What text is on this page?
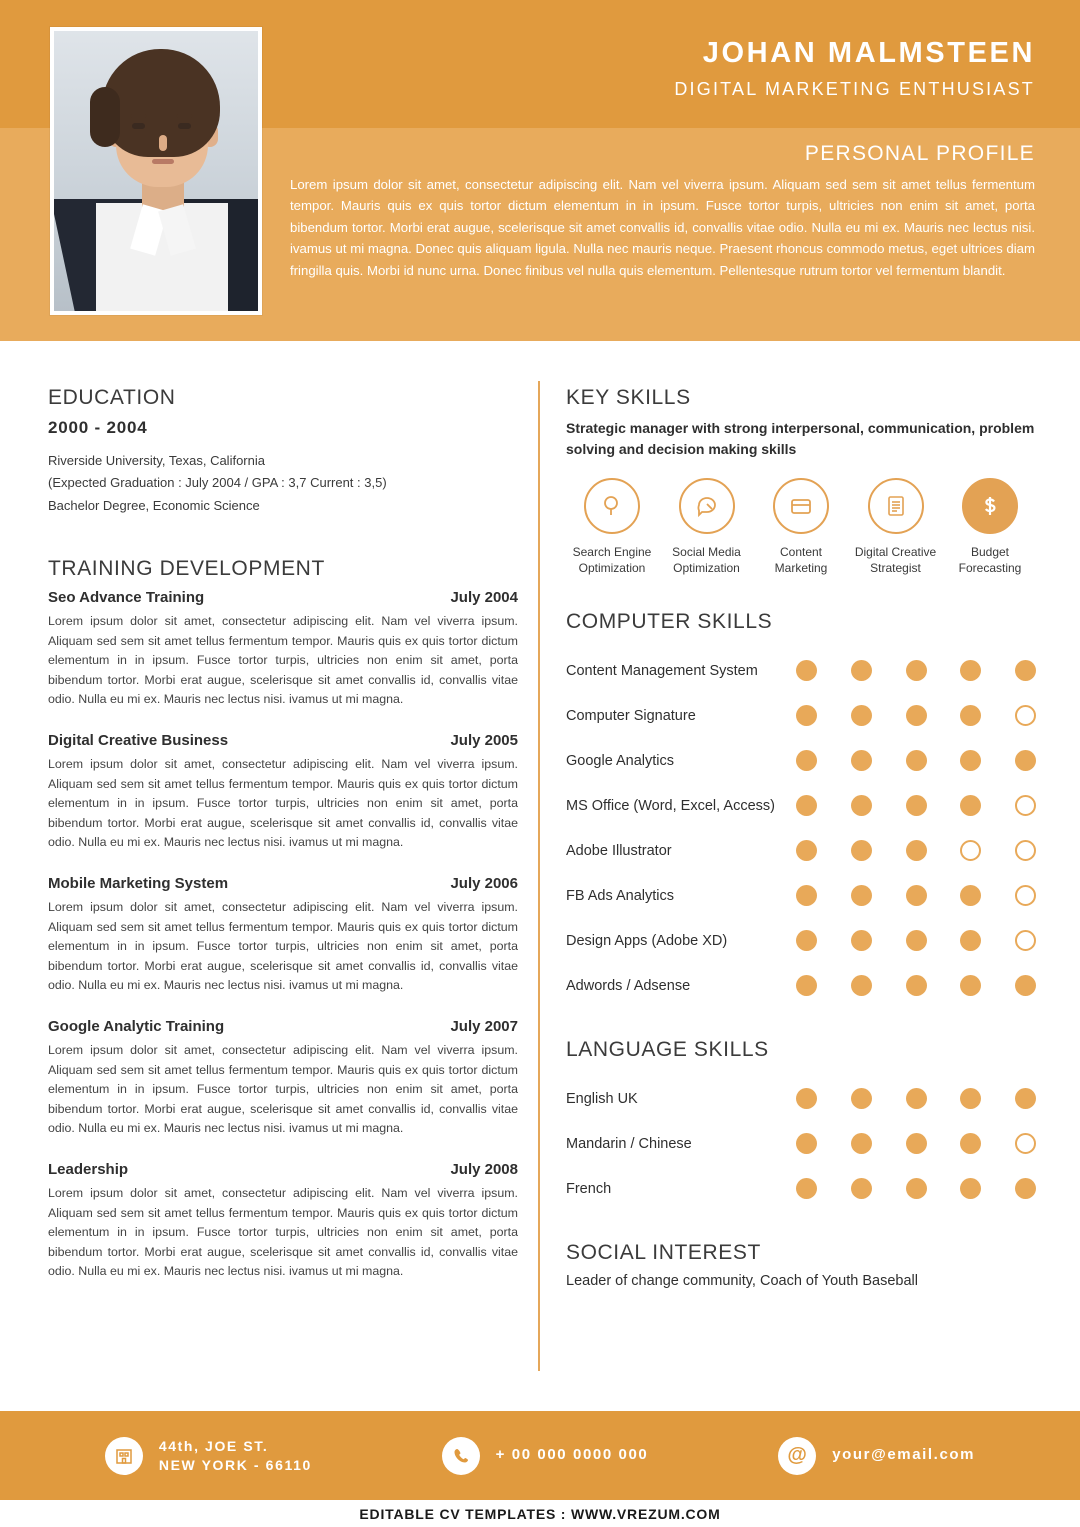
JOHAN MALMSTEEN
DIGITAL MARKETING ENTHUSIAST
PERSONAL PROFILE
Lorem ipsum dolor sit amet, consectetur adipiscing elit. Nam vel viverra ipsum. Aliquam sed sem sit amet tellus fermentum tempor. Mauris quis ex quis tortor dictum elementum in in ipsum. Fusce tortor turpis, ultricies non enim sit amet, porta bibendum tortor. Morbi erat augue, scelerisque sit amet convallis id, convallis vitae odio. Nulla eu mi ex. Mauris nec lectus nisi. ivamus ut mi magna. Donec quis aliquam ligula. Nulla nec mauris neque. Praesent rhoncus commodo metus, eget ultrices diam fringilla quis. Morbi id nunc urna. Donec finibus vel nulla quis elementum. Pellentesque rutrum tortor vel fermentum blandit.
EDUCATION
2000 - 2004
Riverside University, Texas, California
(Expected Graduation : July 2004 / GPA : 3,7 Current : 3,5)
Bachelor Degree, Economic Science
TRAINING DEVELOPMENT
Seo Advance Training	July 2004
Lorem ipsum dolor sit amet, consectetur adipiscing elit. Nam vel viverra ipsum. Aliquam sed sem sit amet tellus fermentum tempor. Mauris quis ex quis tortor dictum elementum in in ipsum. Fusce tortor turpis, ultricies non enim sit amet, porta bibendum tortor. Morbi erat augue, scelerisque sit amet convallis id, convallis vitae odio. Nulla eu mi ex. Mauris nec lectus nisi. ivamus ut mi magna.
Digital Creative Business	July 2005
Lorem ipsum dolor sit amet, consectetur adipiscing elit. Nam vel viverra ipsum. Aliquam sed sem sit amet tellus fermentum tempor. Mauris quis ex quis tortor dictum elementum in in ipsum. Fusce tortor turpis, ultricies non enim sit amet, porta bibendum tortor. Morbi erat augue, scelerisque sit amet convallis id, convallis vitae odio. Nulla eu mi ex. Mauris nec lectus nisi. ivamus ut mi magna.
Mobile Marketing System	July 2006
Lorem ipsum dolor sit amet, consectetur adipiscing elit. Nam vel viverra ipsum. Aliquam sed sem sit amet tellus fermentum tempor. Mauris quis ex quis tortor dictum elementum in in ipsum. Fusce tortor turpis, ultricies non enim sit amet, porta bibendum tortor. Morbi erat augue, scelerisque sit amet convallis id, convallis vitae odio. Nulla eu mi ex. Mauris nec lectus nisi. ivamus ut mi magna.
Google Analytic Training	July 2007
Lorem ipsum dolor sit amet, consectetur adipiscing elit. Nam vel viverra ipsum. Aliquam sed sem sit amet tellus fermentum tempor. Mauris quis ex quis tortor dictum elementum in in ipsum. Fusce tortor turpis, ultricies non enim sit amet, porta bibendum tortor. Morbi erat augue, scelerisque sit amet convallis id, convallis vitae odio. Nulla eu mi ex. Mauris nec lectus nisi. ivamus ut mi magna.
Leadership	July 2008
Lorem ipsum dolor sit amet, consectetur adipiscing elit. Nam vel viverra ipsum. Aliquam sed sem sit amet tellus fermentum tempor. Mauris quis ex quis tortor dictum elementum in in ipsum. Fusce tortor turpis, ultricies non enim sit amet, porta bibendum tortor. Morbi erat augue, scelerisque sit amet convallis id, convallis vitae odio. Nulla eu mi ex. Mauris nec lectus nisi. ivamus ut mi magna.
KEY SKILLS
Strategic manager with strong interpersonal, communication, problem solving and decision making skills
Search Engine Optimization
Social Media Optimization
Content Marketing
Digital Creative Strategist
Budget Forecasting
COMPUTER SKILLS
Content Management System
Computer Signature
Google Analytics
MS Office (Word, Excel, Access)
Adobe Illustrator
FB Ads Analytics
Design Apps (Adobe XD)
Adwords / Adsense
LANGUAGE SKILLS
English UK
Mandarin / Chinese
French
SOCIAL INTEREST
Leader of change community, Coach of Youth Baseball
44th, JOE ST.
NEW YORK - 66110
+ 00 000 0000 000	@	your@email.com
EDITABLE CV TEMPLATES : WWW.VREZUM.COM
